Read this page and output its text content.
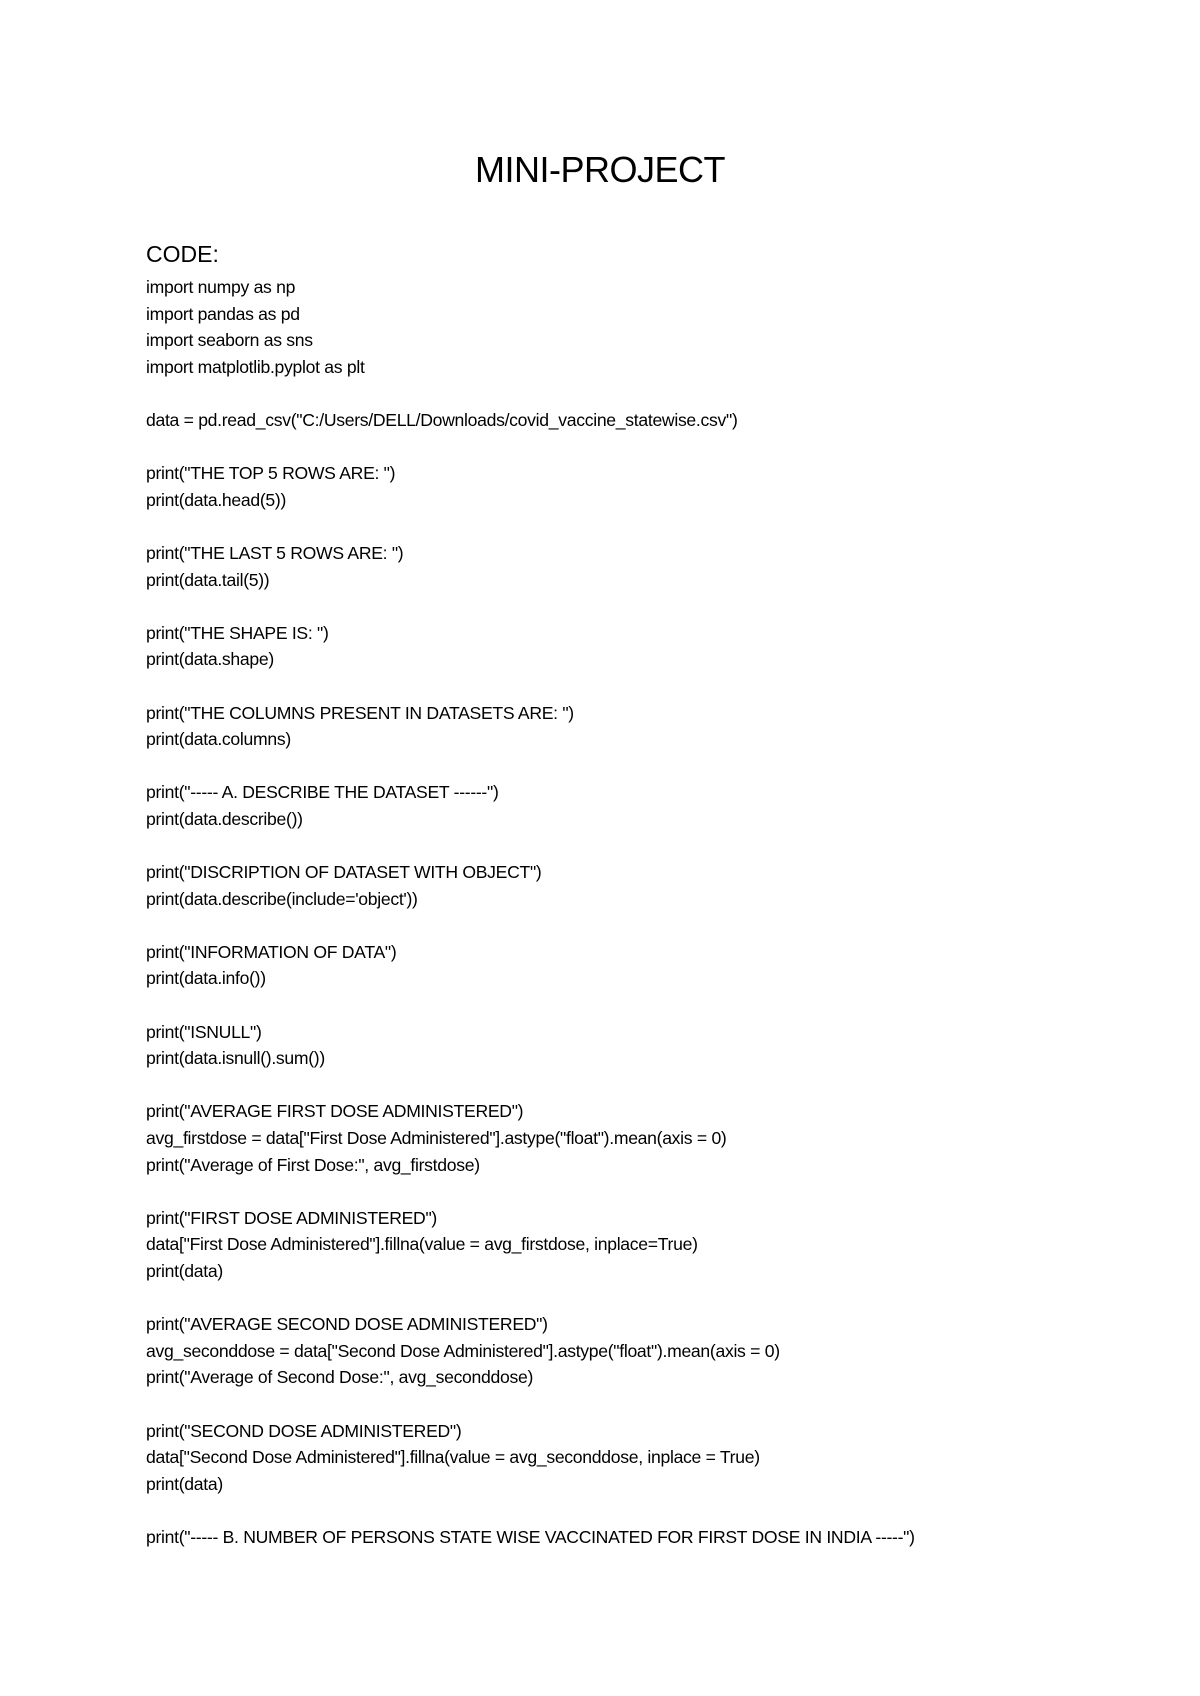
MINI-PROJECT
CODE:
import numpy as np
import pandas as pd
import seaborn as sns
import matplotlib.pyplot as plt
data = pd.read_csv("C:/Users/DELL/Downloads/covid_vaccine_statewise.csv")
print("THE TOP 5 ROWS ARE: ")
print(data.head(5))
print("THE LAST 5 ROWS ARE: ")
print(data.tail(5))
print("THE SHAPE IS: ")
print(data.shape)
print("THE COLUMNS PRESENT IN DATASETS ARE: ")
print(data.columns)
print("----- A. DESCRIBE THE DATASET ------")
print(data.describe())
print("DISCRIPTION OF DATASET WITH OBJECT")
print(data.describe(include='object'))
print("INFORMATION OF DATA")
print(data.info())
print("ISNULL")
print(data.isnull().sum())
print("AVERAGE FIRST DOSE ADMINISTERED")
avg_firstdose = data["First Dose Administered"].astype("float").mean(axis = 0)
print("Average of First Dose:", avg_firstdose)
print("FIRST DOSE ADMINISTERED")
data["First Dose Administered"].fillna(value = avg_firstdose, inplace=True)
print(data)
print("AVERAGE SECOND DOSE ADMINISTERED")
avg_seconddose = data["Second Dose Administered"].astype("float").mean(axis = 0)
print("Average of Second Dose:", avg_seconddose)
print("SECOND DOSE ADMINISTERED")
data["Second Dose Administered"].fillna(value = avg_seconddose, inplace = True)
print(data)
print("----- B. NUMBER OF PERSONS STATE WISE VACCINATED FOR FIRST DOSE IN INDIA -----")
